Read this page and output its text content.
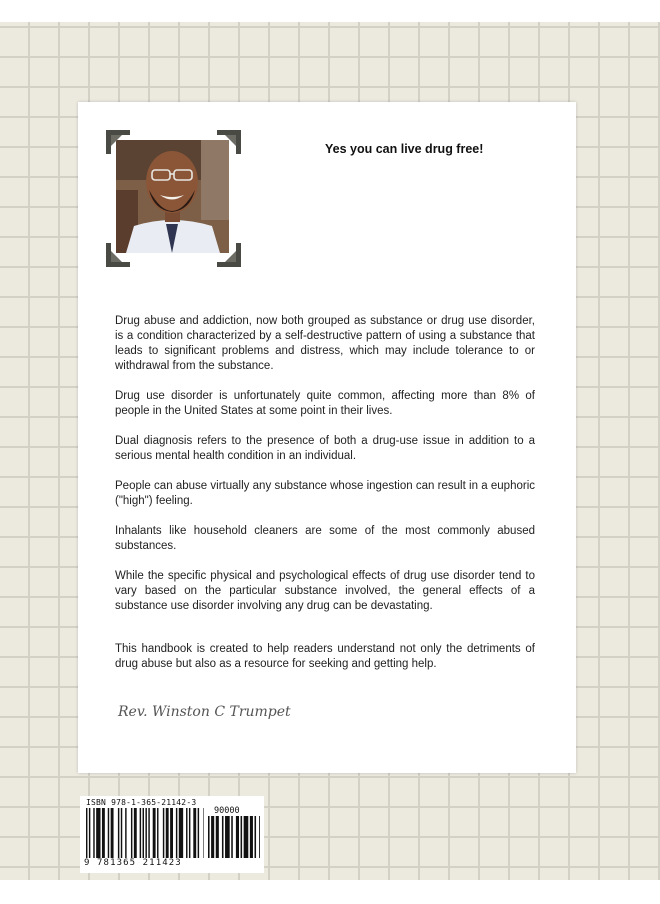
Yes you can live drug free!

Drug abuse and addiction, now both grouped as substance or drug use disorder, is a condition characterized by a self-destructive pattern of using a substance that leads to significant problems and distress, which may include tolerance to or withdrawal from the substance.

Drug use disorder is unfortunately quite common, affecting more than 8% of people in the United States at some point in their lives.

Dual diagnosis refers to the presence of both a drug-use issue in addition to a serious mental health condition in an individual.

People can abuse virtually any substance whose ingestion can result in a euphoric ("high") feeling.

Inhalants like household cleaners are some of the most commonly abused substances.

While the specific physical and psychological effects of drug use disorder tend to vary based on the particular substance involved, the general effects of a substance use disorder involving any drug can be devastating.

This handbook is created to help readers understand not only the detriments of drug abuse but also as a resource for seeking and getting help.

Rev. Winston C Trumpet
ISBN 978-1-365-21142-3
90000
9 781365 211423
